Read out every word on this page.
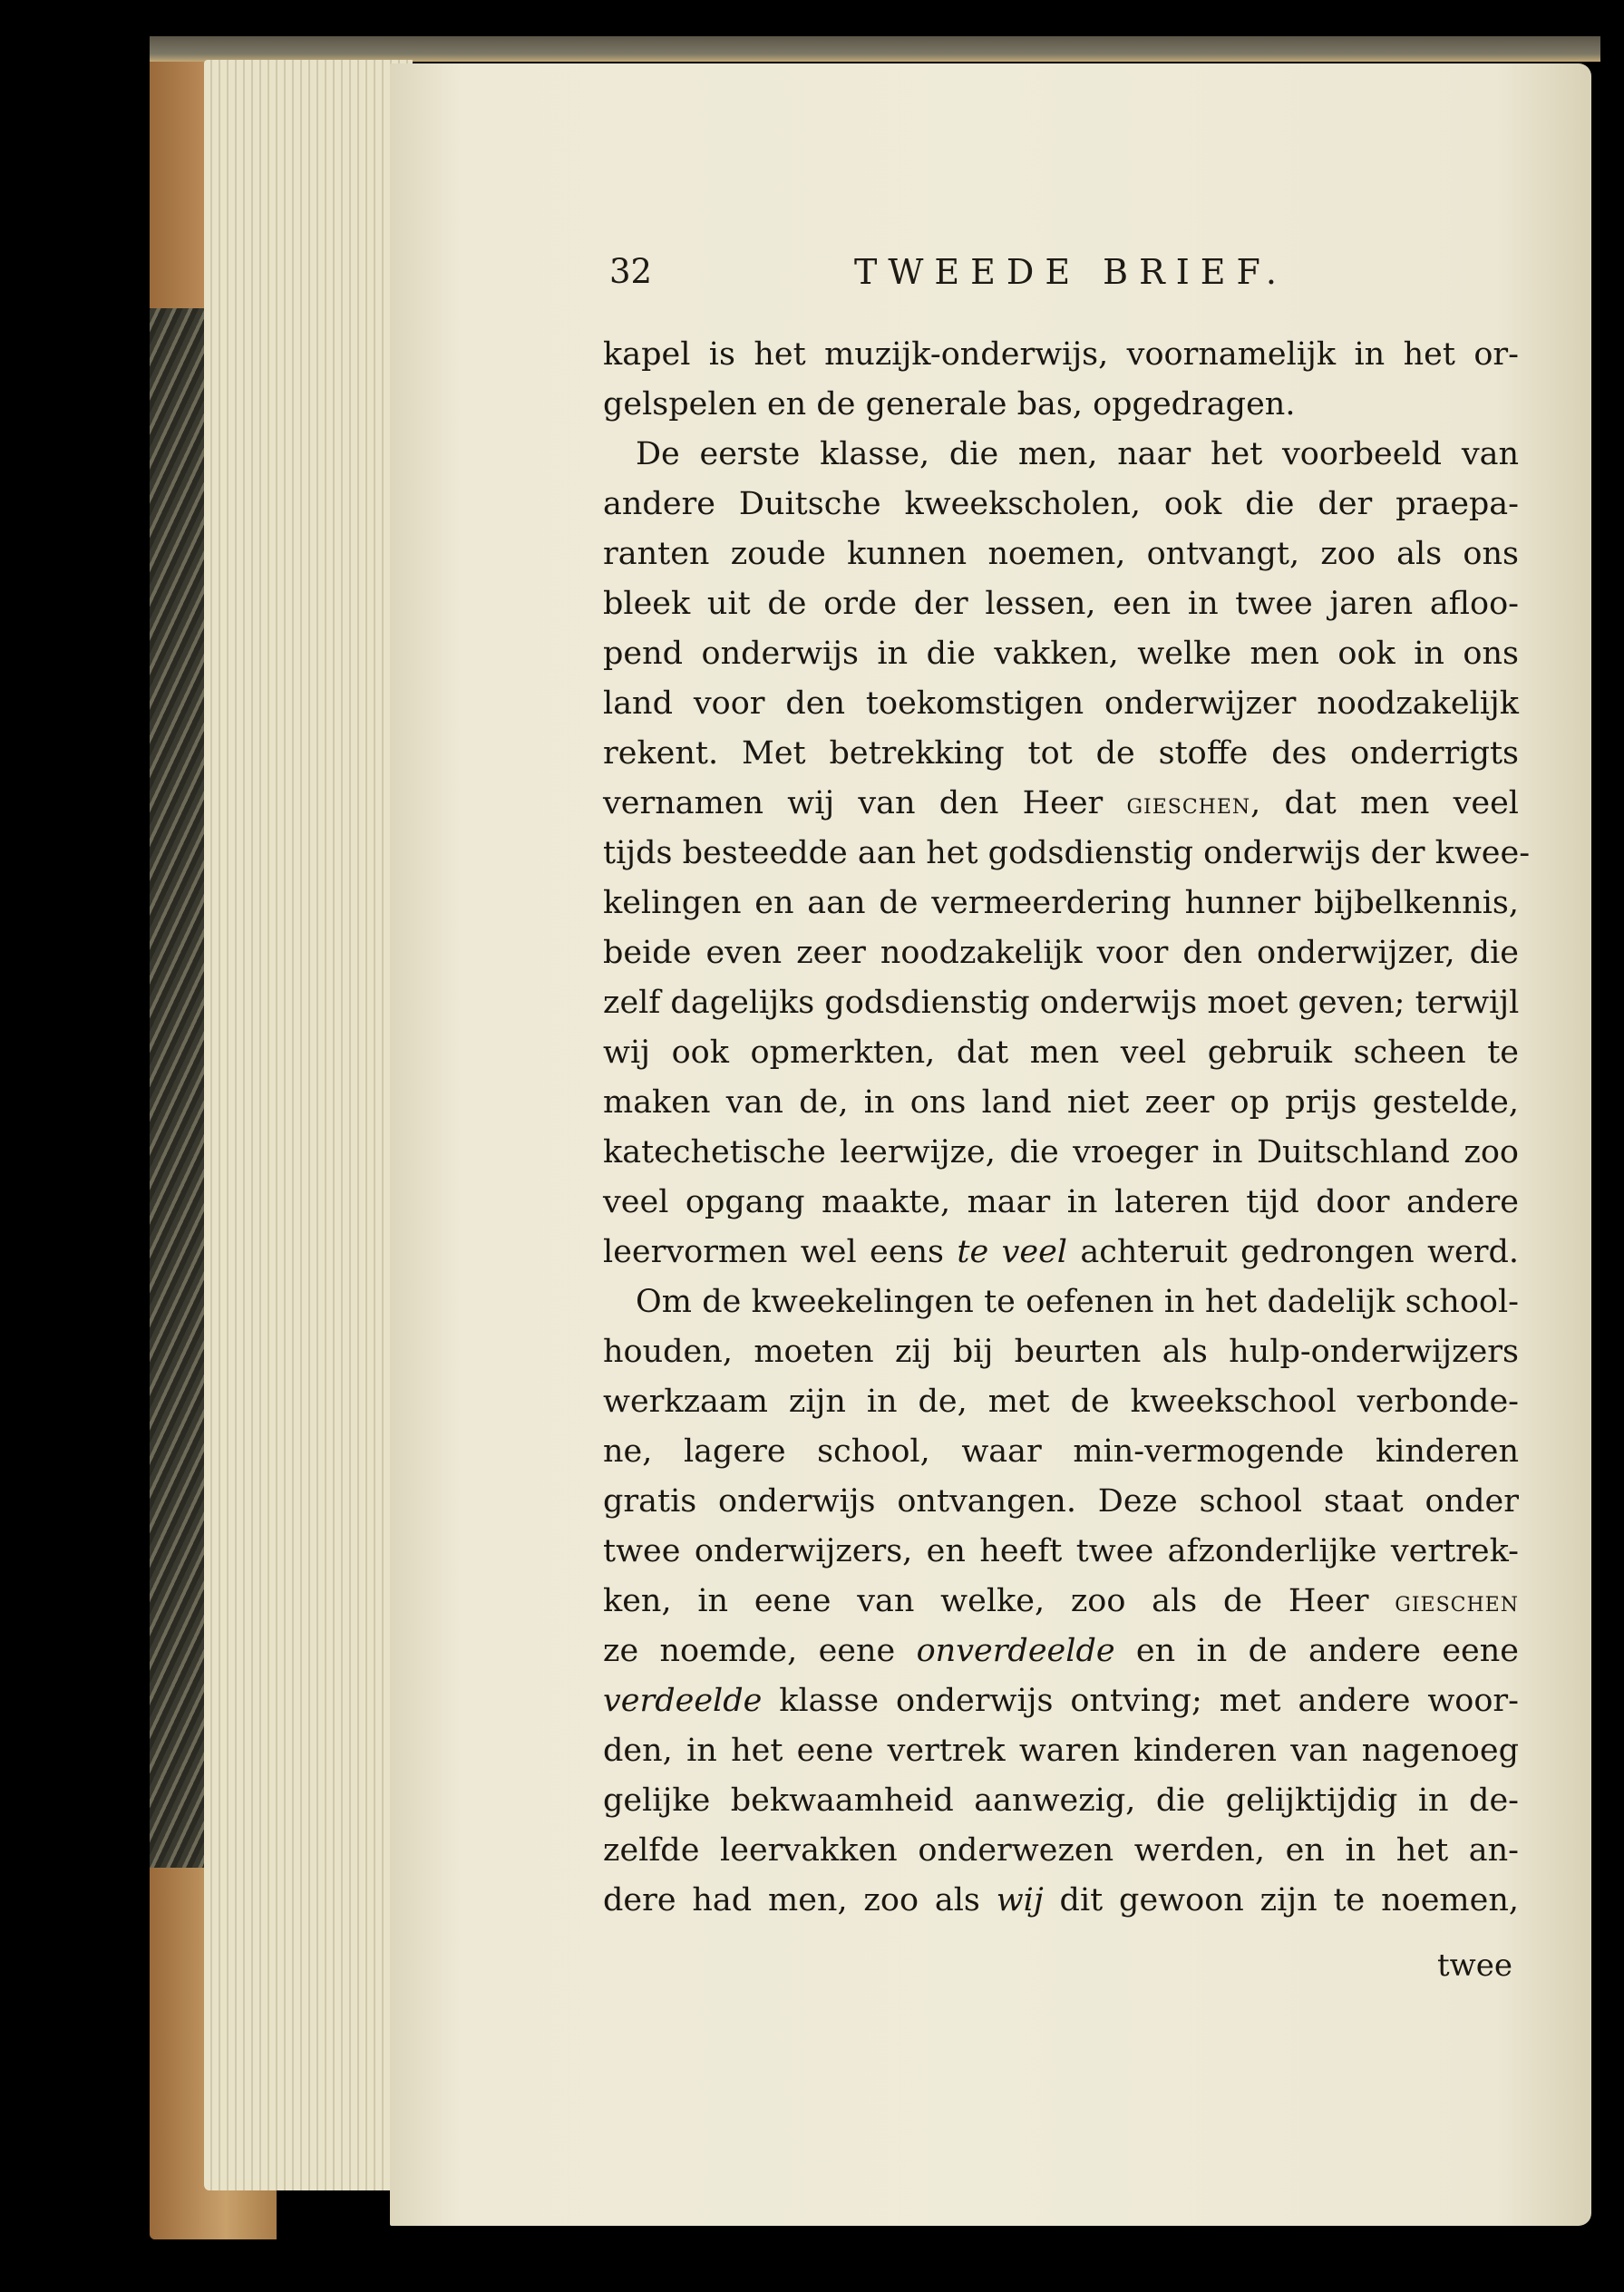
32	TWEEDE BRIEF.
kapel is het muzijk-onderwijs, voornamelijk in het or-
gelspelen en de generale bas, opgedragen.
De eerste klasse, die men, naar het voorbeeld van
andere Duitsche kweekscholen, ook die der praepa-
ranten zoude kunnen noemen, ontvangt, zoo als ons
bleek uit de orde der lessen, een in twee jaren afloo-
pend onderwijs in die vakken, welke men ook in ons
land voor den toekomstigen onderwijzer noodzakelijk
rekent. Met betrekking tot de stoffe des onderrigts
vernamen wij van den Heer gieschen, dat men veel
tijds besteedde aan het godsdienstig onderwijs der kwee-
kelingen en aan de vermeerdering hunner bijbelkennis,
beide even zeer noodzakelijk voor den onderwijzer, die
zelf dagelijks godsdienstig onderwijs moet geven; terwijl
wij ook opmerkten, dat men veel gebruik scheen te
maken van de, in ons land niet zeer op prijs gestelde,
katechetische leerwijze, die vroeger in Duitschland zoo
veel opgang maakte, maar in lateren tijd door andere
leervormen wel eens te veel achteruit gedrongen werd.
Om de kweekelingen te oefenen in het dadelijk school-
houden, moeten zij bij beurten als hulp-onderwijzers
werkzaam zijn in de, met de kweekschool verbonde-
ne, lagere school, waar min-vermogende kinderen
gratis onderwijs ontvangen. Deze school staat onder
twee onderwijzers, en heeft twee afzonderlijke vertrek-
ken, in eene van welke, zoo als de Heer gieschen
ze noemde, eene onverdeelde en in de andere eene
verdeelde klasse onderwijs ontving; met andere woor-
den, in het eene vertrek waren kinderen van nagenoeg
gelijke bekwaamheid aanwezig, die gelijktijdig in de-
zelfde leervakken onderwezen werden, en in het an-
dere had men, zoo als wij dit gewoon zijn te noemen,
twee
